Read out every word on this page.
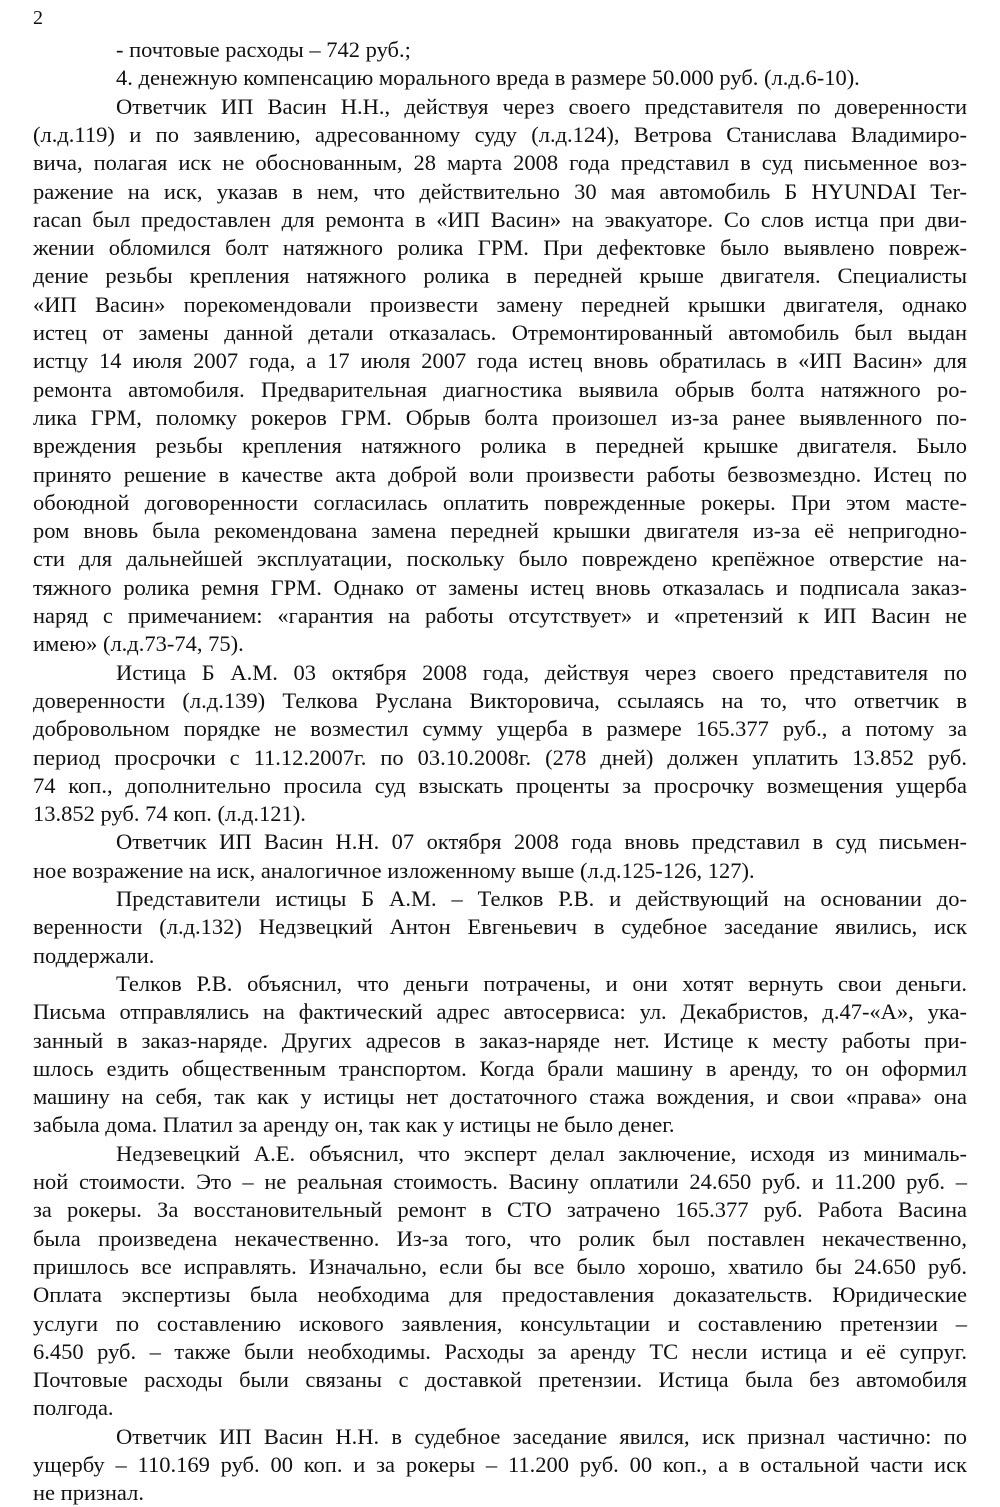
2
- почтовые расходы – 742 руб.;
4. денежную компенсацию морального вреда в размере 50.000 руб. (л.д.6-10).
Ответчик ИП Васин Н.Н., действуя через своего представителя по доверенности
(л.д.119) и по заявлению, адресованному суду (л.д.124), Ветрова Станислава Владимиро-
вича, полагая иск не обоснованным, 28 марта 2008 года представил в суд письменное воз-
ражение на иск, указав в нем, что действительно 30 мая автомобиль Б HYUNDAI Ter-
racan был предоставлен для ремонта в «ИП Васин» на эвакуаторе. Со слов истца при дви-
жении обломился болт натяжного ролика ГРМ. При дефектовке было выявлено повреж-
дение резьбы крепления натяжного ролика в передней крыше двигателя. Специалисты
«ИП Васин» порекомендовали произвести замену передней крышки двигателя, однако
истец от замены данной детали отказалась. Отремонтированный автомобиль был выдан
истцу 14 июля 2007 года, а 17 июля 2007 года истец вновь обратилась в «ИП Васин» для
ремонта автомобиля. Предварительная диагностика выявила обрыв болта натяжного ро-
лика ГРМ, поломку рокеров ГРМ. Обрыв болта произошел из-за ранее выявленного по-
вреждения резьбы крепления натяжного ролика в передней крышке двигателя. Было
принято решение в качестве акта доброй воли произвести работы безвозмездно. Истец по
обоюдной договоренности согласилась оплатить поврежденные рокеры. При этом масте-
ром вновь была рекомендована замена передней крышки двигателя из-за её непригодно-
сти для дальнейшей эксплуатации, поскольку было повреждено крепёжное отверстие на-
тяжного ролика ремня ГРМ. Однако от замены истец вновь отказалась и подписала заказ-
наряд с примечанием: «гарантия на работы отсутствует» и «претензий к ИП Васин не
имею» (л.д.73-74, 75).
Истица Б А.М. 03 октября 2008 года, действуя через своего представителя по
доверенности (л.д.139) Телкова Руслана Викторовича, ссылаясь на то, что ответчик в
добровольном порядке не возместил сумму ущерба в размере 165.377 руб., а потому за
период просрочки с 11.12.2007г. по 03.10.2008г. (278 дней) должен уплатить 13.852 руб.
74 коп., дополнительно просила суд взыскать проценты за просрочку возмещения ущерба
13.852 руб. 74 коп. (л.д.121).
Ответчик ИП Васин Н.Н. 07 октября 2008 года вновь представил в суд письмен-
ное возражение на иск, аналогичное изложенному выше (л.д.125-126, 127).
Представители истицы Б А.М. – Телков Р.В. и действующий на основании до-
веренности (л.д.132) Недзвецкий Антон Евгеньевич в судебное заседание явились, иск
поддержали.
Телков Р.В. объяснил, что деньги потрачены, и они хотят вернуть свои деньги.
Письма отправлялись на фактический адрес автосервиса: ул. Декабристов, д.47-«А», ука-
занный в заказ-наряде. Других адресов в заказ-наряде нет. Истице к месту работы при-
шлось ездить общественным транспортом. Когда брали машину в аренду, то он оформил
машину на себя, так как у истицы нет достаточного стажа вождения, и свои «права» она
забыла дома. Платил за аренду он, так как у истицы не было денег.
Недзевецкий А.Е. объяснил, что эксперт делал заключение, исходя из минималь-
ной стоимости. Это – не реальная стоимость. Васину оплатили 24.650 руб. и 11.200 руб. –
за рокеры. За восстановительный ремонт в СТО затрачено 165.377 руб. Работа Васина
была произведена некачественно. Из-за того, что ролик был поставлен некачественно,
пришлось все исправлять. Изначально, если бы все было хорошо, хватило бы 24.650 руб.
Оплата экспертизы была необходима для предоставления доказательств. Юридические
услуги по составлению искового заявления, консультации и составлению претензии –
6.450 руб. – также были необходимы. Расходы за аренду ТС несли истица и её супруг.
Почтовые расходы были связаны с доставкой претензии. Истица была без автомобиля
полгода.
Ответчик ИП Васин Н.Н. в судебное заседание явился, иск признал частично: по
ущербу – 110.169 руб. 00 коп. и за рокеры – 11.200 руб. 00 коп., а в остальной части иск
не признал.
